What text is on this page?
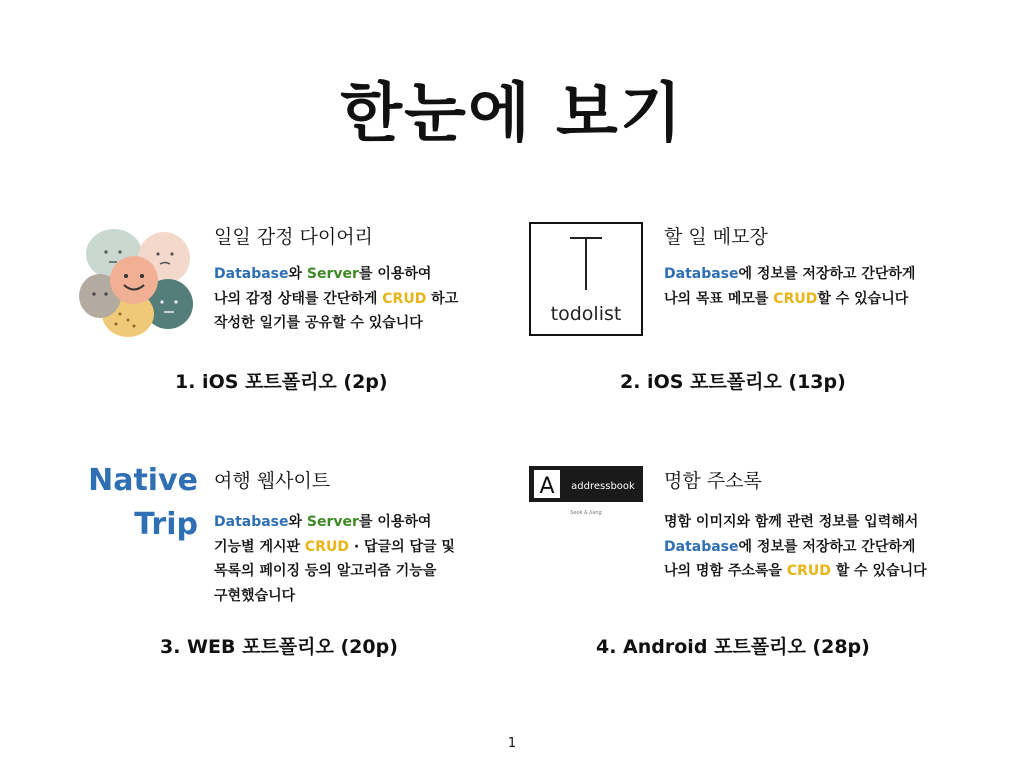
한눈에 보기
일일 감정 다이어리
Database와 Server를 이용하여
나의 감정 상태를 간단하게 CRUD 하고
작성한 일기를 공유할 수 있습니다
1. iOS 포트폴리오 (2p)
todolist
할 일 메모장
Database에 정보를 저장하고 간단하게
나의 목표 메모를 CRUD할 수 있습니다
2. iOS 포트폴리오 (13p)
Native
Trip
여행 웹사이트
Database와 Server를 이용하여
기능별 게시판 CRUD · 답글의 답글 및
목록의 페이징 등의 알고리즘 기능을
구현했습니다
3. WEB 포트폴리오 (20p)
A addressbook
Seok & Jiang
명함 주소록
명함 이미지와 함께 관련 정보를 입력해서
Database에 정보를 저장하고 간단하게
나의 명함 주소록을 CRUD 할 수 있습니다
4. Android 포트폴리오 (28p)
1
